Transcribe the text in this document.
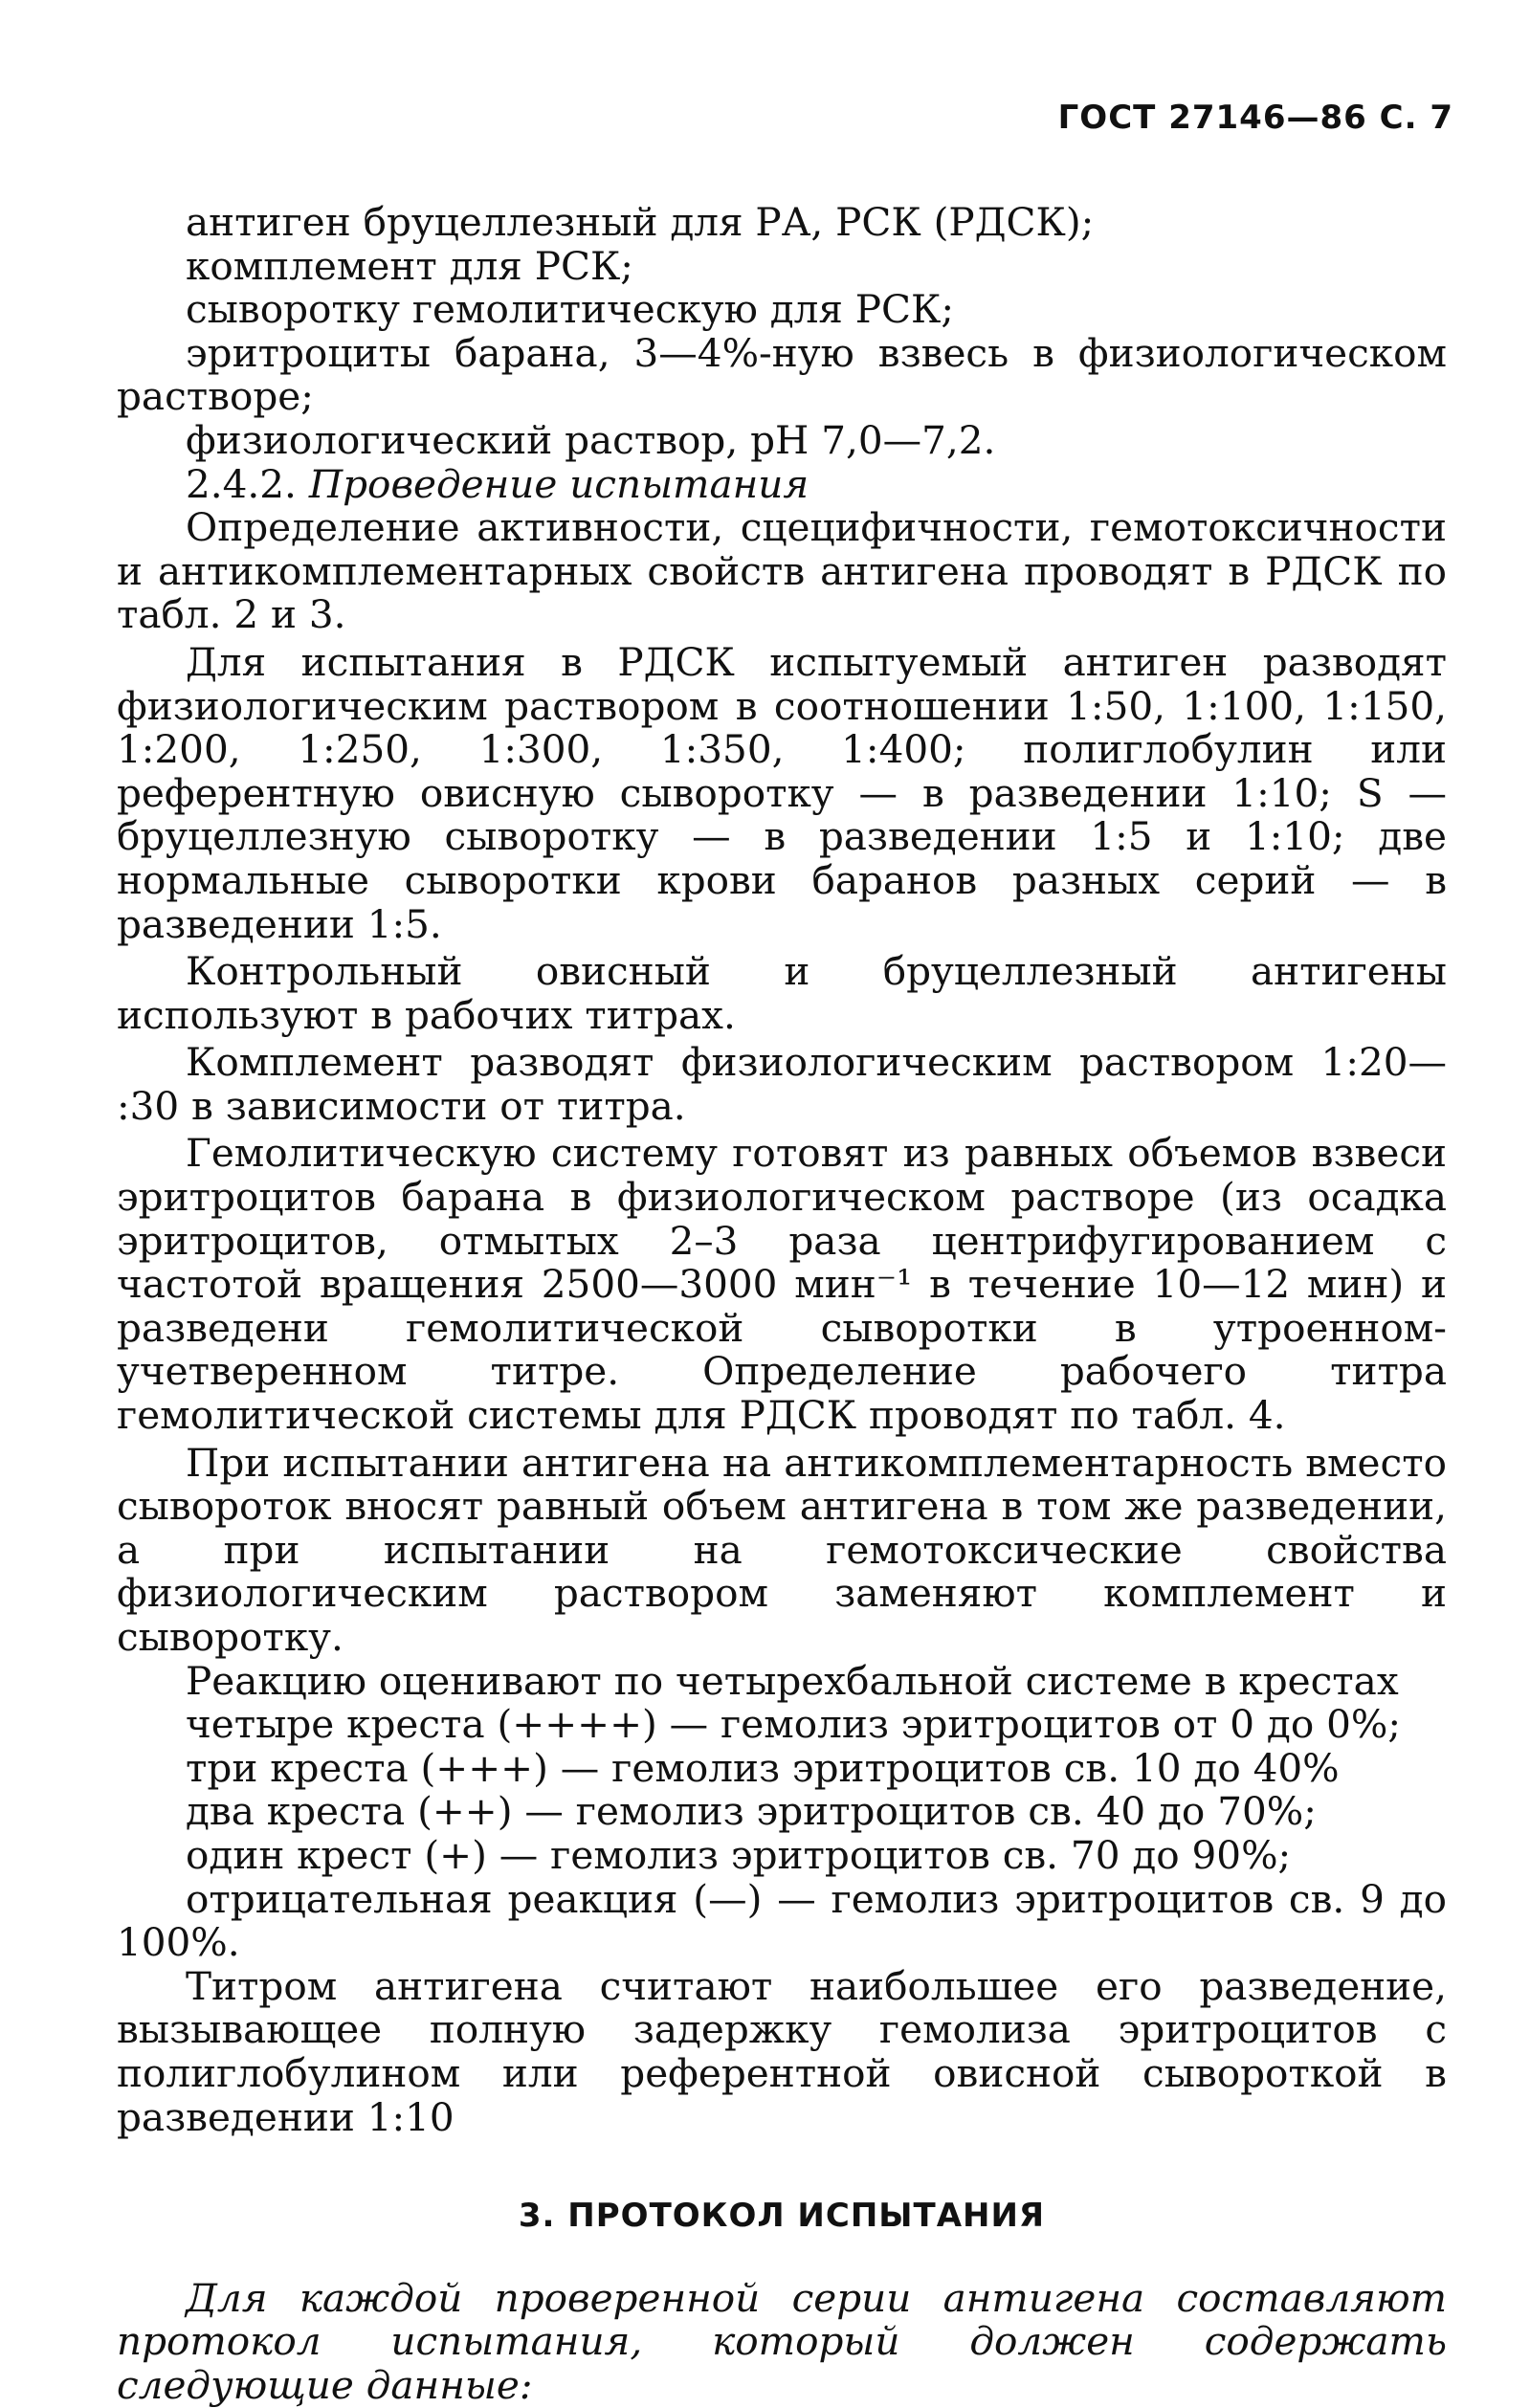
ГОСТ 27146—86 С. 7
антиген бруцеллезный для РА, РСК (РДСК);
комплемент для РСК;
сыворотку гемолитическую для РСК;
эритроциты барана, 3—4%-ную взвесь в физиологическом растворе;
физиологический раствор, pH 7,0—7,2.
2.4.2. Проведение испытания

Определение активности, сцецифичности, гемотоксичности и антикомплементарных свойств антигена проводят в РДСК по табл. 2 и 3.

Для испытания в РДСК испытуемый антиген разводят физиологическим раствором в соотношении 1:50, 1:100, 1:150, 1:200, 1:250, 1:300, 1:350, 1:400; полиглобулин или референтную овисную сыворотку — в разведении 1:10; S — бруцеллезную сыворотку — в разведении 1:5 и 1:10; две нормальные сыворотки крови баранов разных серий — в разведении 1:5.

Контрольный овисный и бруцеллезный антигены используют в рабочих титрах.

Комплемент разводят физиологическим раствором 1:20— :30 в зависимости от титра.

Гемолитическую систему готовят из равных объемов взвеси эритроцитов барана в физиологическом растворе (из осадка эритроцитов, отмытых 2–3 раза центрифугированием с частотой вращения 2500—3000 мин⁻¹ в течение 10—12 мин) и разведени гемолитической сыворотки в утроенном-учетверенном титре. Определение рабочего титра гемолитической системы для РДСК проводят по табл. 4.

При испытании антигена на антикомплементарность вместо сывороток вносят равный объем антигена в том же разведении, а при испытании на гемотоксические свойства физиологическим раствором заменяют комплемент и сыворотку.

Реакцию оценивают по четырехбальной системе в крестах

четыре креста (++++) — гемолиз эритроцитов от 0 до 0%;
три креста (+++) — гемолиз эритроцитов св. 10 до 40%
два креста (++) — гемолиз эритроцитов св. 40 до 70%;
один крест (+) — гемолиз эритроцитов св. 70 до 90%;
отрицательная реакция (—) — гемолиз эритроцитов св. 9 до 100%.

Титром антигена считают наибольшее его разведение, вызывающее полную задержку гемолиза эритроцитов с полиглобулином или референтной овисной сывороткой в разведении 1:10

3. ПРОТОКОЛ ИСПЫТАНИЯ

Для каждой проверенной серии антигена составляют протокол испытания, который должен содержать следующие данные:
